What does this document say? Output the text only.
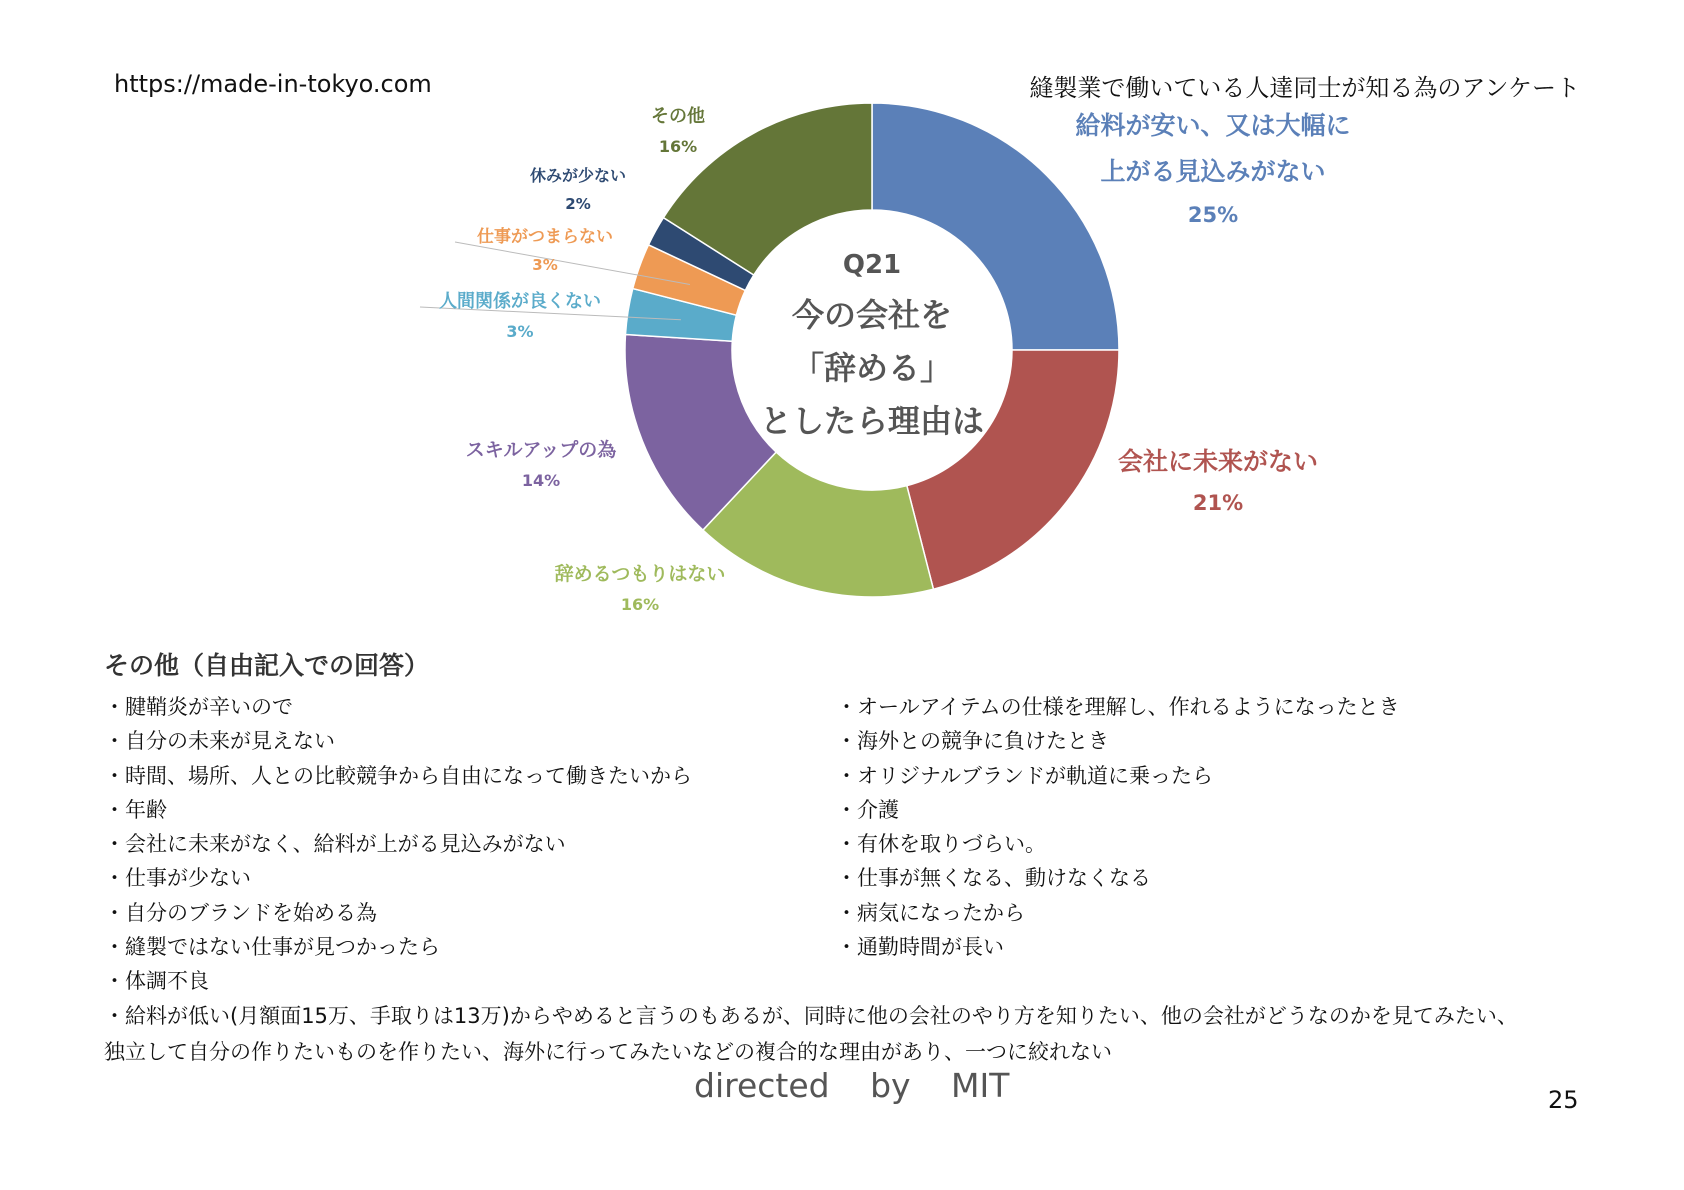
https://made-in-tokyo.com	縫製業で働いている人達同士が知る為のアンケート
給料が安い、又は大幅に
上がる見込みがない
25%
会社に未来がない
21%
辞めるつもりはない
16%
スキルアップの為
14%
人間関係が良くない
3%
仕事がつまらない
3%
休みが少ない
2%
その他
16%
Q21
今の会社を
「辞める」
としたら理由は
その他（自由記入での回答）
・腱鞘炎が辛いので
・自分の未来が見えない
・時間、場所、人との比較競争から自由になって働きたいから
・年齢
・会社に未来がなく、給料が上がる見込みがない
・仕事が少ない
・自分のブランドを始める為
・縫製ではない仕事が見つかったら
・体調不良
・オールアイテムの仕様を理解し、作れるようになったとき
・海外との競争に負けたとき
・オリジナルブランドが軌道に乗ったら
・介護
・有休を取りづらい。
・仕事が無くなる、動けなくなる
・病気になったから
・通勤時間が長い
・給料が低い(月額面15万、手取りは13万)からやめると言うのもあるが、同時に他の会社のやり方を知りたい、他の会社がどうなのかを見てみたい、
独立して自分の作りたいものを作りたい、海外に行ってみたいなどの複合的な理由があり、一つに絞れない
directed by MIT	25
